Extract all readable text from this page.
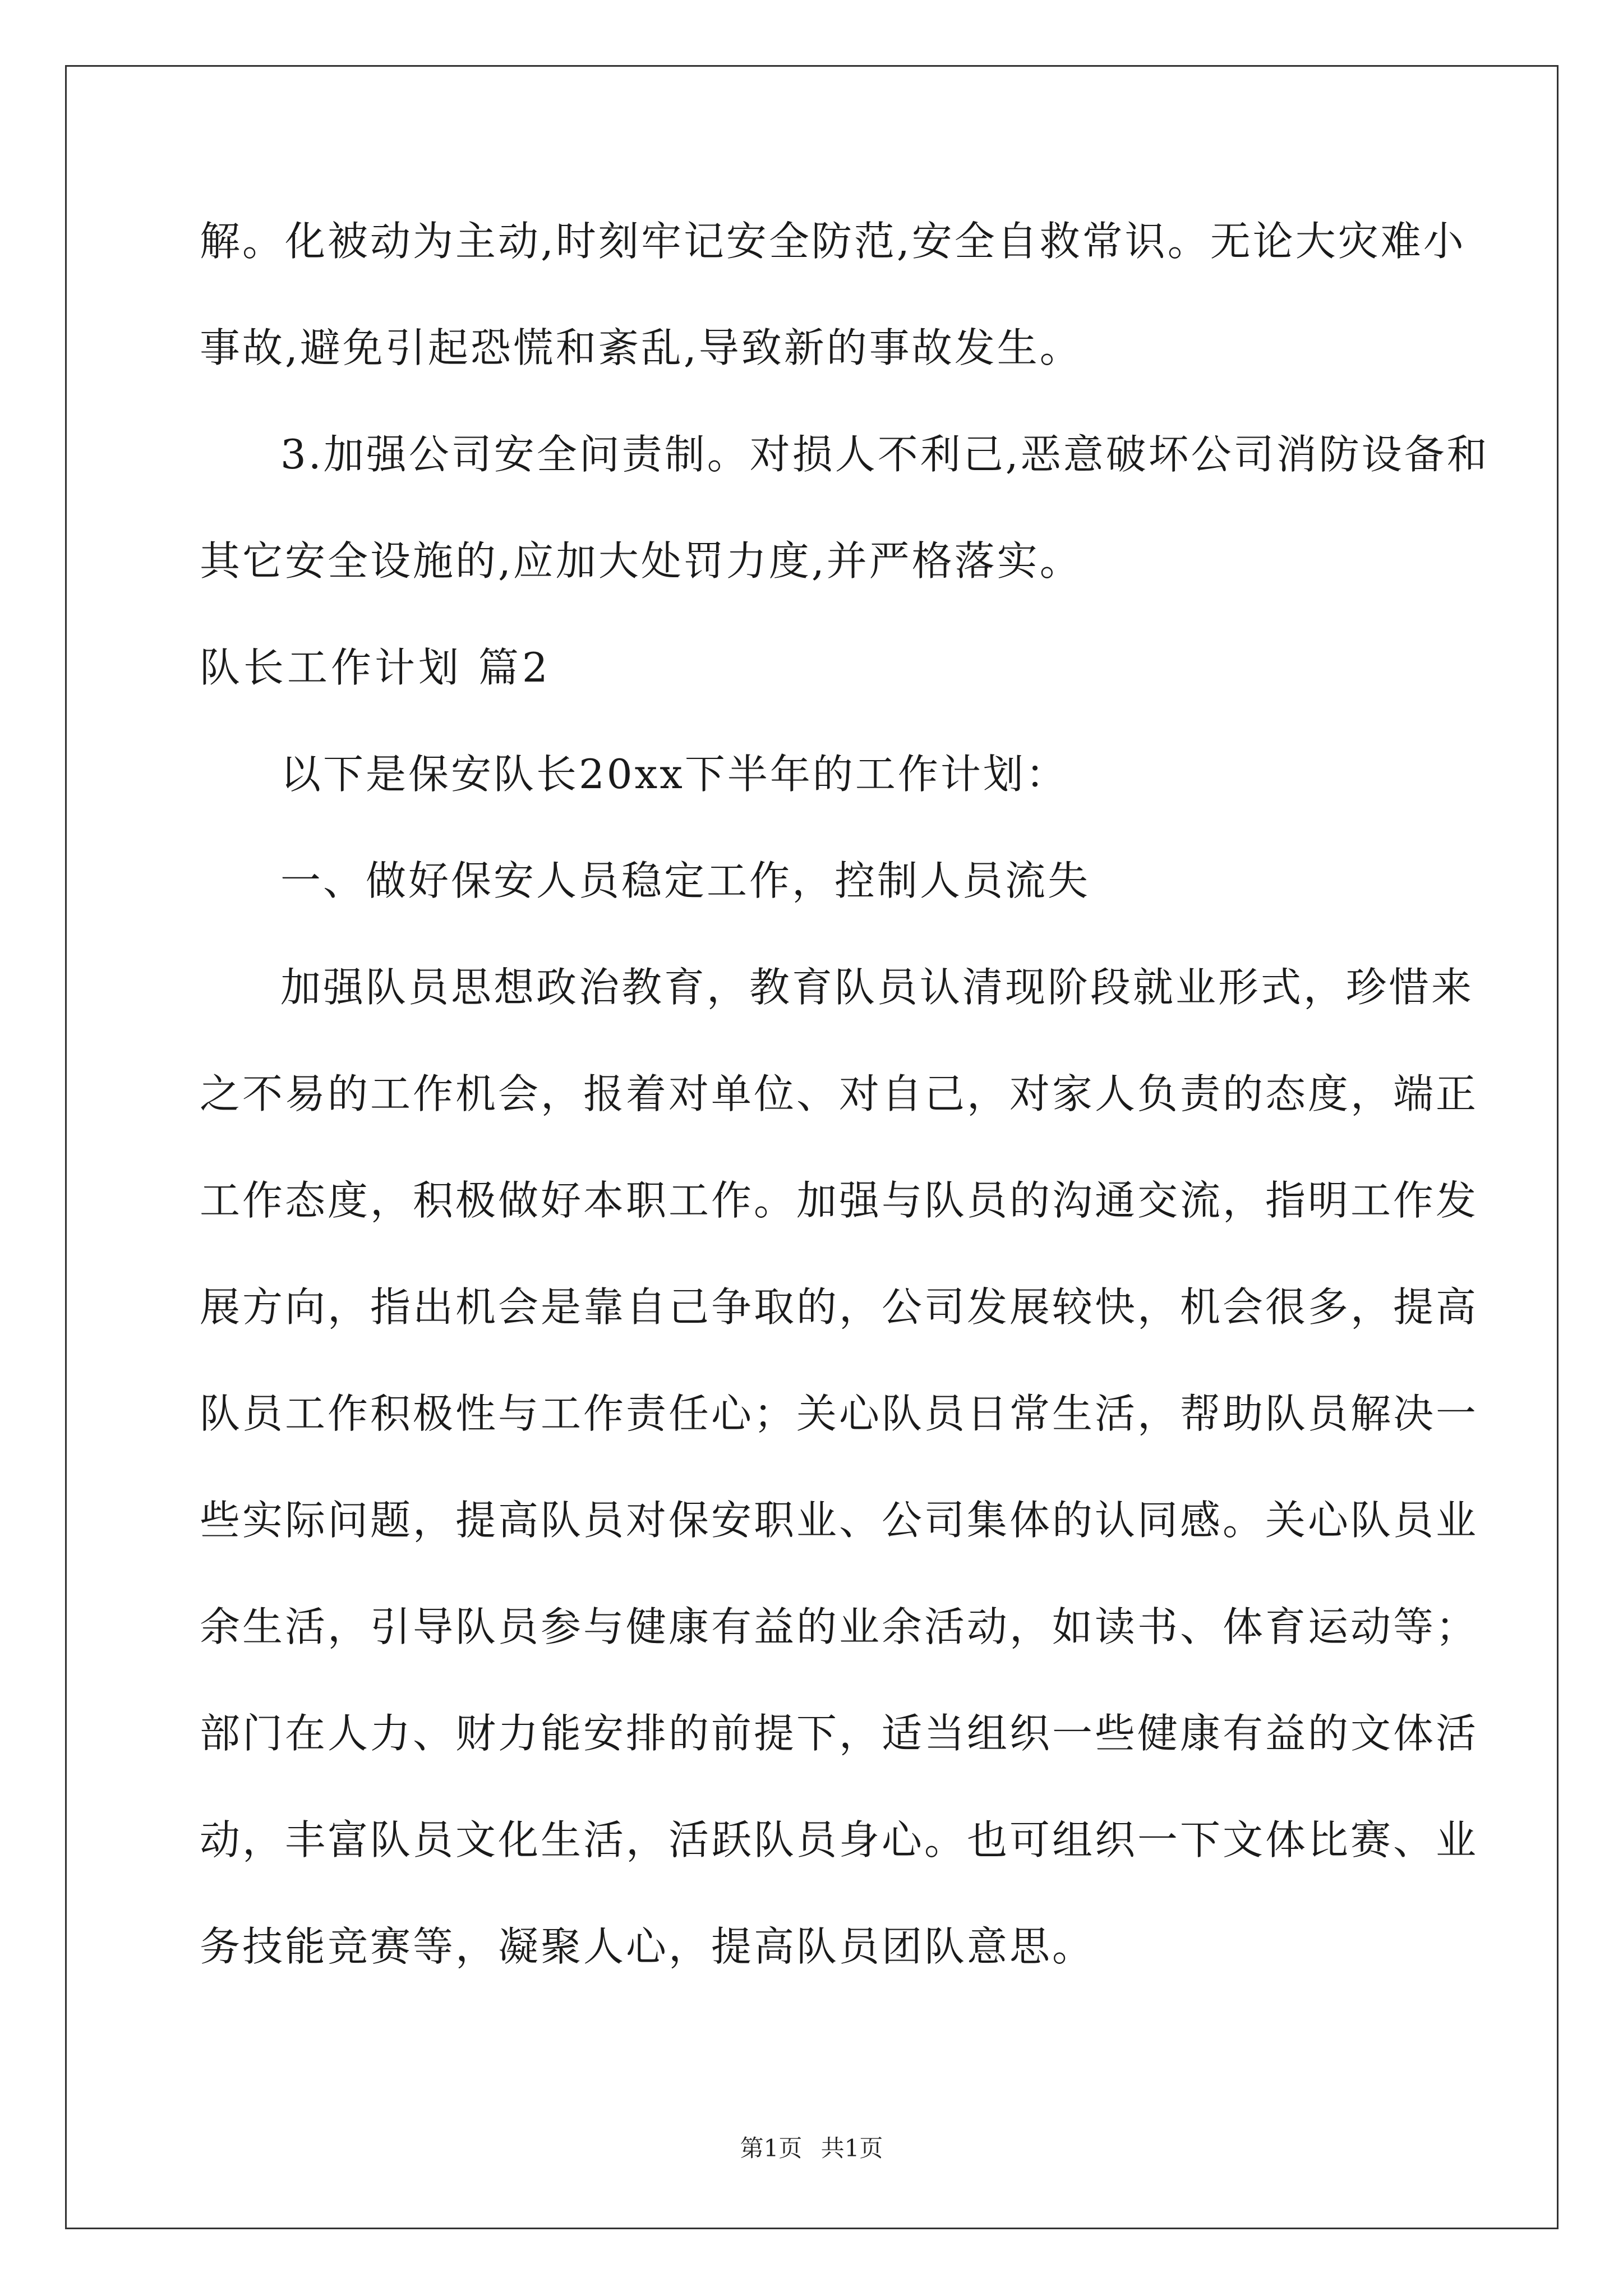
解。化被动为主动,时刻牢记安全防范,安全自救常识。无论大灾难小
事故,避免引起恐慌和紊乱,导致新的事故发生。
3.加强公司安全问责制。对损人不利己,恶意破坏公司消防设备和
其它安全设施的,应加大处罚力度,并严格落实。
队长工作计划 篇2
以下是保安队长20xx下半年的工作计划：
一、做好保安人员稳定工作，控制人员流失
加强队员思想政治教育，教育队员认清现阶段就业形式，珍惜来
之不易的工作机会，报着对单位、对自己，对家人负责的态度，端正
工作态度，积极做好本职工作。加强与队员的沟通交流，指明工作发
展方向，指出机会是靠自己争取的，公司发展较快，机会很多，提高
队员工作积极性与工作责任心；关心队员日常生活，帮助队员解决一
些实际问题，提高队员对保安职业、公司集体的认同感。关心队员业
余生活，引导队员参与健康有益的业余活动，如读书、体育运动等；
部门在人力、财力能安排的前提下，适当组织一些健康有益的文体活
动，丰富队员文化生活，活跃队员身心。也可组织一下文体比赛、业
务技能竞赛等，凝聚人心，提高队员团队意思。
第1页 共1页
